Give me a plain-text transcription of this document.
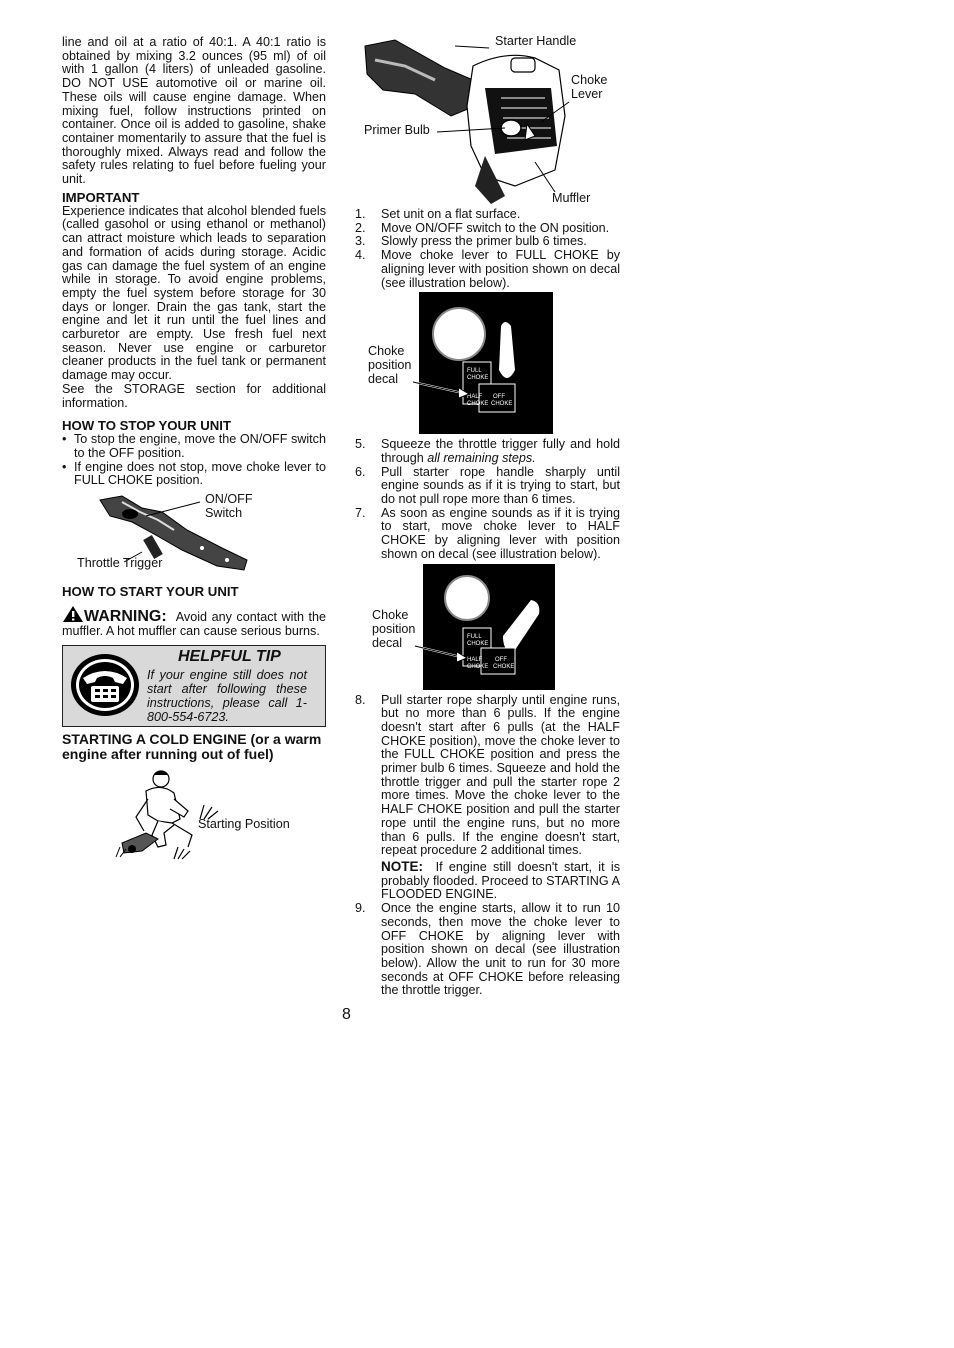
line and oil at a ratio of 40:1. A 40:1 ratio is obtained by mixing 3.2 ounces (95 ml) of oil with 1 gallon (4 liters) of unleaded gasoline. DO NOT USE automotive oil or marine oil. These oils will cause engine damage. When mixing fuel, follow instructions printed on container. Once oil is added to gasoline, shake container momentarily to assure that the fuel is thoroughly mixed. Always read and follow the safety rules relating to fuel before fueling your unit.

IMPORTANT

Experience indicates that alcohol blended fuels (called gasohol or using ethanol or methanol) can attract moisture which leads to separation and formation of acids during storage. Acidic gas can damage the fuel system of an engine while in storage. To avoid engine problems, empty the fuel system before storage for 30 days or longer. Drain the gas tank, start the engine and let it run until the fuel lines and carburetor are empty. Use fresh fuel next season. Never use engine or carburetor cleaner products in the fuel tank or permanent damage may occur.

See the STORAGE section for additional information.

HOW TO STOP YOUR UNIT
• To stop the engine, move the ON/OFF switch to the OFF position.
• If engine does not stop, move choke lever to FULL CHOKE position.
ON/OFF
Switch
Throttle Trigger
HOW TO START YOUR UNIT

WARNING: Avoid any contact with the muffler. A hot muffler can cause serious burns.

HELPFUL TIP
If your engine still does not start after following these instructions, please call 1-800-554-6723.
STARTING A COLD ENGINE (or a warm engine after running out of fuel)
Starting Position
Starter Handle
Choke
Lever
Primer Bulb
Muffler
1. Set unit on a flat surface.
2. Move ON/OFF switch to the ON position.
3. Slowly press the primer bulb 6 times.
4. Move choke lever to FULL CHOKE by aligning lever with position shown on decal (see illustration below).
FULL
CHOKE
HALF
CHOKE
OFF
CHOKE
Choke
position
decal
5. Squeeze the throttle trigger fully and hold through all remaining steps.
6. Pull starter rope handle sharply until engine sounds as if it is trying to start, but do not pull rope more than 6 times.
7. As soon as engine sounds as if it is trying to start, move choke lever to HALF CHOKE by aligning lever with position shown on decal (see illustration below).
FULL
CHOKE
HALF
CHOKE
OFF
CHOKE
Choke
position
decal
8. Pull starter rope sharply until engine runs, but no more than 6 pulls. If the engine doesn't start after 6 pulls (at the HALF CHOKE position), move the choke lever to the FULL CHOKE position and press the primer bulb 6 times. Squeeze and hold the throttle trigger and pull the starter rope 2 more times. Move the choke lever to the HALF CHOKE position and pull the starter rope until the engine runs, but no more than 6 pulls. If the engine doesn't start, repeat procedure 2 additional times.
NOTE: If engine still doesn't start, it is probably flooded. Proceed to STARTING A FLOODED ENGINE.
9. Once the engine starts, allow it to run 10 seconds, then move the choke lever to OFF CHOKE by aligning lever with position shown on decal (see illustration below). Allow the unit to run for 30 more seconds at OFF CHOKE before releasing the throttle trigger.
8
